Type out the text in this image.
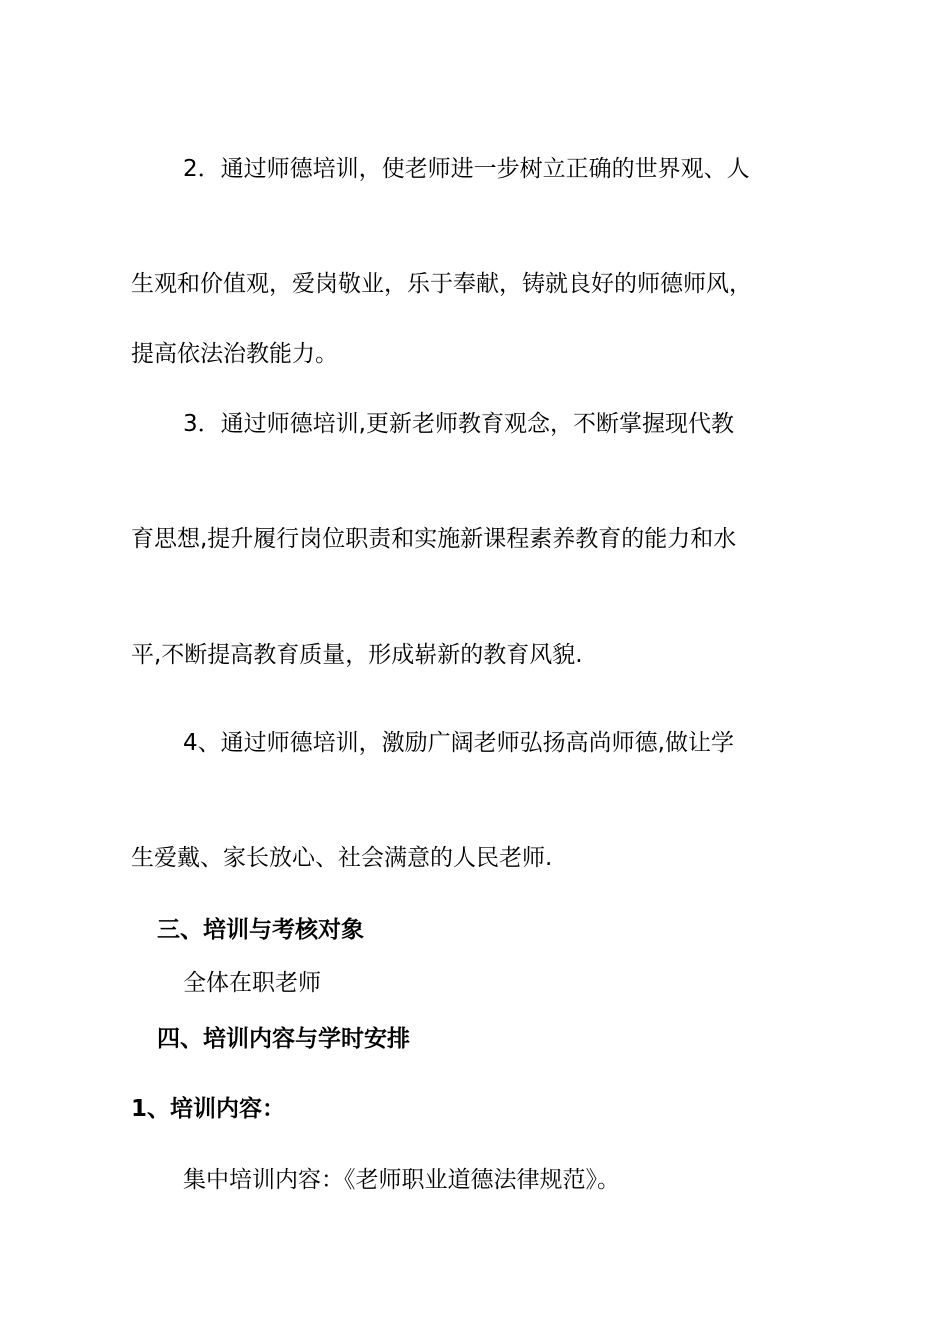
2．通过师德培训，使老师进一步树立正确的世界观、人
生观和价值观，爱岗敬业，乐于奉献，铸就良好的师德师风，
提高依法治教能力。
3．通过师德培训,更新老师教育观念，不断掌握现代教
育思想,提升履行岗位职责和实施新课程素养教育的能力和水
平,不断提高教育质量，形成崭新的教育风貌.
4、通过师德培训，激励广阔老师弘扬高尚师德,做让学
生爱戴、家长放心、社会满意的人民老师.
三、培训与考核对象
全体在职老师
四、培训内容与学时安排
1、培训内容：
集中培训内容：《老师职业道德法律规范》。
